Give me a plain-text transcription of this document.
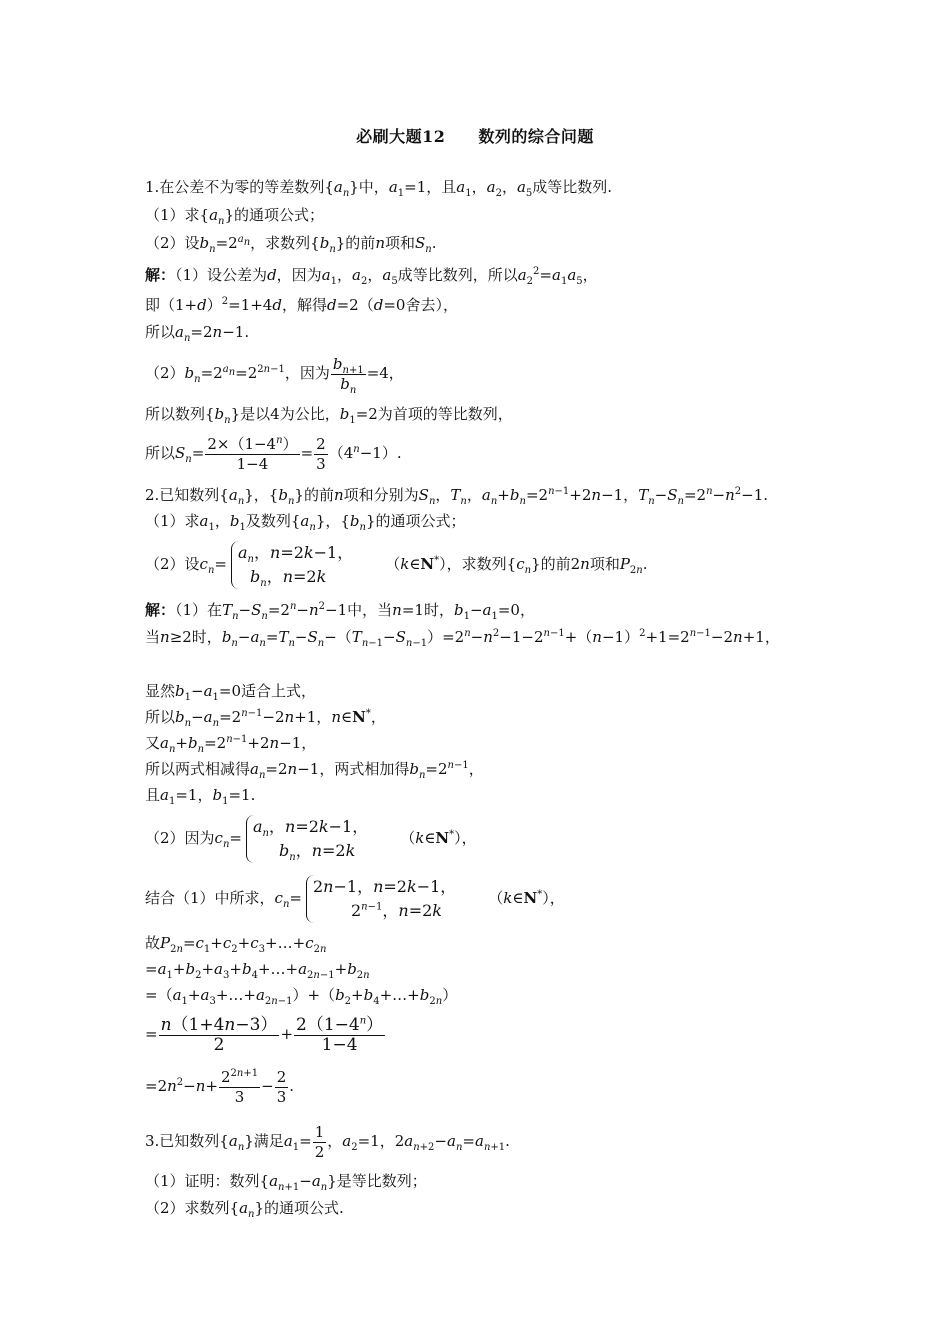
必刷大题12　　数列的综合问题
1.在公差不为零的等差数列$\{a_n\}$中，$a_1=1$，且$a_1$，$a_2$，$a_5$成等比数列.
（1）求$\{a_n\}$的通项公式；
（2）设$b_n=2^{a_n}$，求数列$\{b_n\}$的前n项和$S_n$.
解：（1）设公差为d，因为$a_1$，$a_2$，$a_5$成等比数列，所以$a_2^2=a_1a_5$，
即$(1+d)^2=1+4d$，解得d=2（d=0舍去），
所以$a_n=2n-1$.
$(2)b_n=2^{a_n}=2^{2n-1}$，因为 $\frac{b_{n+1}}{b_n} =4$，
所以数列$\{b_n\}$是以4为公比，$b_1=2$为首项的等比数列，
所以$S_n= \frac{2\times(1-4^n)}{1-4} = \frac{2}{3} (4^n-1)$.
2.已知数列$\{a_n\}$，$\{b_n\}$的前n项和分别为$S_n$，$T_n$，$a_n+b_n=2^{n-1}+2n-1$，$T_n-S_n=2^n-n^2-1$.
（1）求$a_1$，$b_1$及数列$\{a_n\}$，$\{b_n\}$的通项公式；
（2）设$c_n=$
$a_n$，n=2k−1，
$b_n$，n=2k
（k∈N*），求数列$\{c_n\}$的前2n项和$P_{2n}$.
解：（1）在$T_n-S_n=2^n-n^2-1$中，当n=1时，$b_1-a_1=0$，
当n≥2时，$b_n-a_n=T_n-S_n-(T_{n-1}-S_{n-1})=2^n-n^2-1-2^{n-1}+(n-1)^2+1=2^{n-1}-2n+1$，
显然$b_1-a_1=0$适合上式，
所以$b_n-a_n=2^{n-1}-2n+1$，n∈N*，
又$a_n+b_n=2^{n-1}+2n-1$，
所以两式相减得$a_n=2n-1$，两式相加得$b_n=2^{n-1}$，
且$a_1=1$，$b_1=1$.
（2）因为$c_n=$
$a_n$，n=2k−1，
$b_n$，n=2k
（k∈N*），
结合（1）中所求，$c_n=$
2n−1，n=2k−1，
$2^{n-1}$，n=2k
（k∈N*），
故$P_{2n}=c_1+c_2+c_3+\dots+c_{2n}$
$=a_1+b_2+a_3+b_4+\dots+a_{2n-1}+b_{2n}$
$=(a_1+a_3+\dots+a_{2n-1})+(b_2+b_4+\dots+b_{2n})$
= $\frac{n(1+4n-3)}{2} + \frac{2(1-4^n)}{1-4}$
$=2n^2-n+ \frac{2^{2n+1}}{3} - \frac{2}{3}$ .
3.已知数列$\{a_n\}$满足$a_1= \frac{1}{2}$ ，$a_2=1$，$2a_{n+2}-a_n=a_{n+1}$.
（1）证明：数列$\{a_{n+1}-a_n\}$是等比数列；
（2）求数列$\{a_n\}$的通项公式.
